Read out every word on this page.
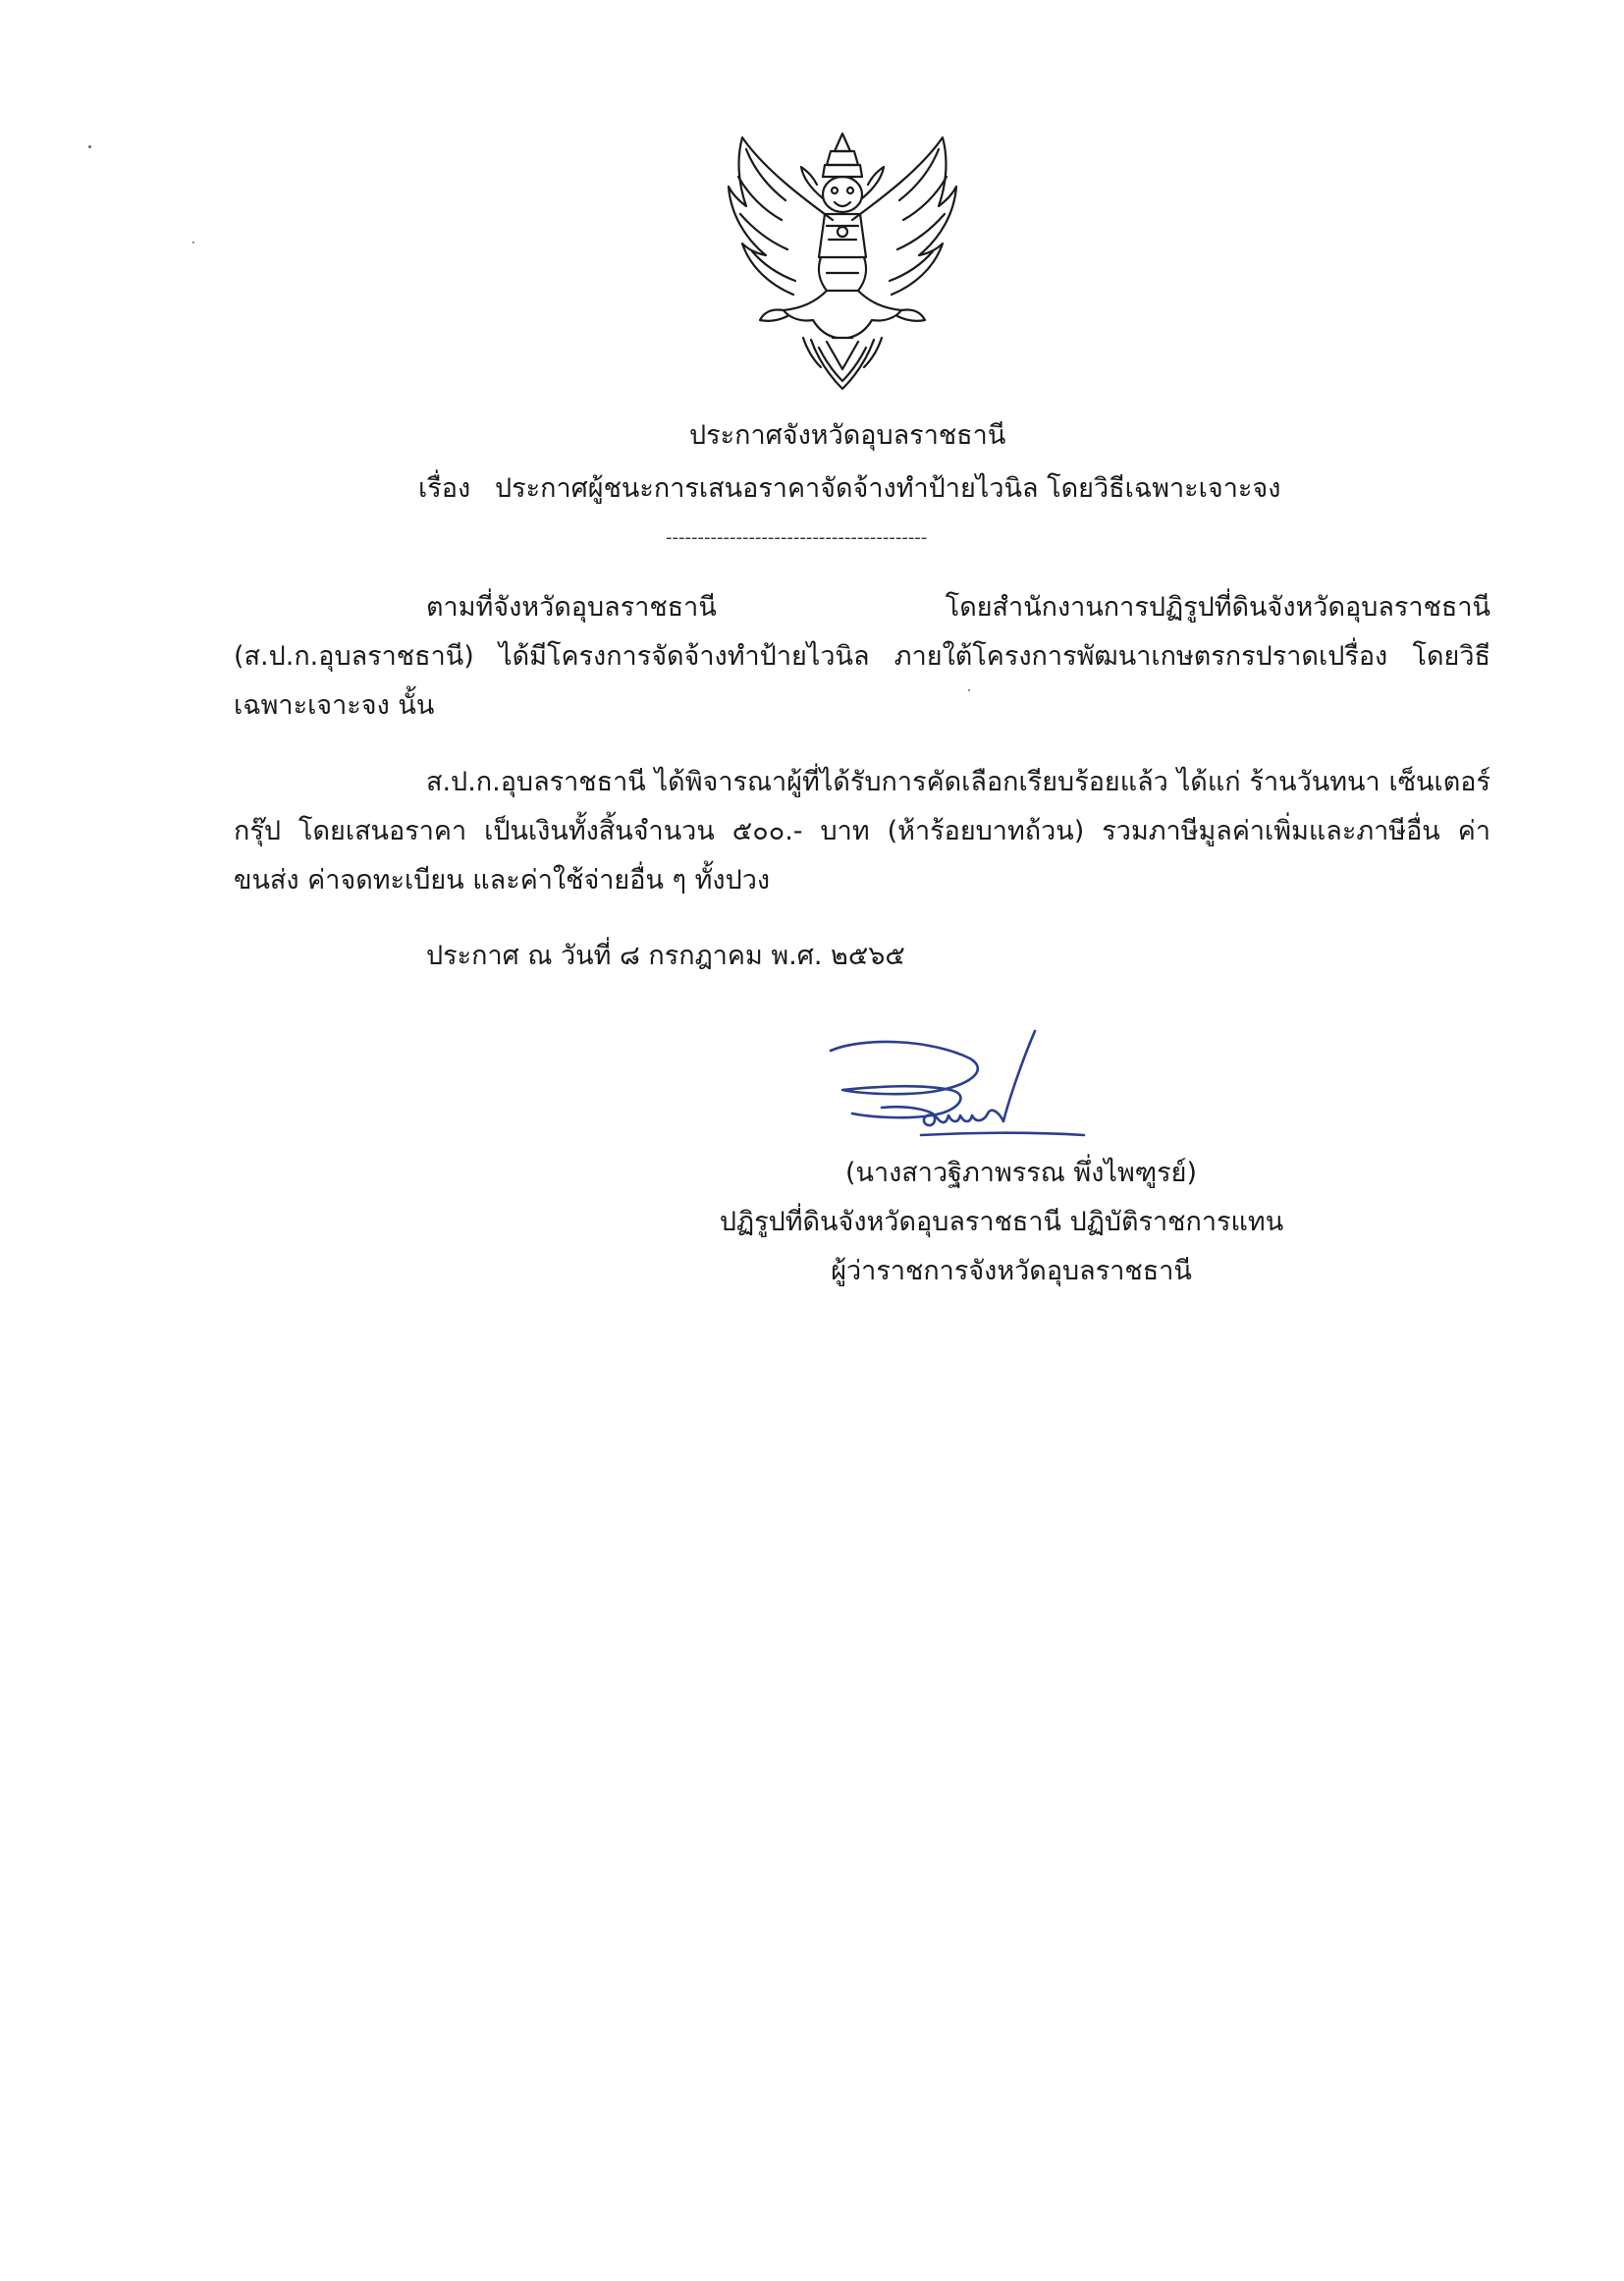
ประกาศจังหวัดอุบลราชธานี
เรื่อง ประกาศผู้ชนะการเสนอราคาจัดจ้างทำป้ายไวนิล โดยวิธีเฉพาะเจาะจง
-----------------------------------------
ตามที่จังหวัดอุบลราชธานี โดยสำนักงานการปฏิรูปที่ดินจังหวัดอุบลราชธานี (ส.ป.ก.อุบลราชธานี) ได้มีโครงการจัดจ้างทำป้ายไวนิล ภายใต้โครงการพัฒนาเกษตรกรปราดเปรื่อง โดยวิธีเฉพาะเจาะจง นั้น
ส.ป.ก.อุบลราชธานี ได้พิจารณาผู้ที่ได้รับการคัดเลือกเรียบร้อยแล้ว ได้แก่ ร้านวันทนา เซ็นเตอร์กรุ๊ป โดยเสนอราคา เป็นเงินทั้งสิ้นจำนวน ๕๐๐.- บาท (ห้าร้อยบาทถ้วน) รวมภาษีมูลค่าเพิ่มและภาษีอื่น ค่าขนส่ง ค่าจดทะเบียน และค่าใช้จ่ายอื่น ๆ ทั้งปวง
ประกาศ ณ วันที่ ๘ กรกฎาคม พ.ศ. ๒๕๖๕
(นางสาวฐิภาพรรณ พึ่งไพฑูรย์)
ปฏิรูปที่ดินจังหวัดอุบลราชธานี ปฏิบัติราชการแทน
ผู้ว่าราชการจังหวัดอุบลราชธานี
